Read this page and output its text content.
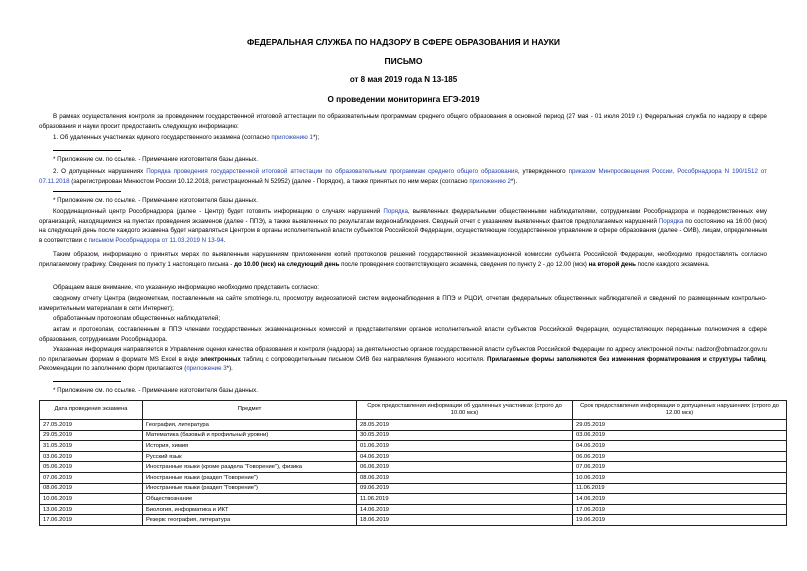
ФЕДЕРАЛЬНАЯ СЛУЖБА ПО НАДЗОРУ В СФЕРЕ ОБРАЗОВАНИЯ И НАУКИ
ПИСЬМО
от 8 мая 2019 года N 13-185
О проведении мониторинга ЕГЭ-2019
В рамках осуществления контроля за проведением государственной итоговой аттестации по образовательным программам среднего общего образования в основной период (27 мая - 01 июля 2019 г.) Федеральная служба по надзору в сфере образования и науки просит предоставить следующую информацию:
1. Об удаленных участниках единого государственного экзамена (согласно приложению 1*);
* Приложение см. по ссылке. - Примечание изготовителя базы данных.
2. О допущенных нарушениях Порядка проведения государственной итоговой аттестации по образовательным программам среднего общего образования, утвержденного приказом Минпросвещения России, Рособрнадзора N 190/1512 от 07.11.2018 (зарегистрирован Минюстом России 10.12.2018, регистрационный N 52952) (далее - Порядок), а также принятых по ним мерах (согласно приложению 2*).
* Приложение см. по ссылке. - Примечание изготовителя базы данных.
Координационный центр Рособрнадзора (далее - Центр) будет готовить информацию о случаях нарушений Порядка, выявленных федеральными общественными наблюдателями, сотрудниками Рособрнадзора и подведомственных ему организаций, находящимися на пунктах проведения экзаменов (далее - ППЭ), а также выявленных по результатам видеонаблюдения. Сводный отчет с указанием выявленных фактов предполагаемых нарушений Порядка по состоянию на 16:00 (мск) на следующий день после каждого экзамена будет направляться Центром в органы исполнительной власти субъектов Российской Федерации, осуществляющие государственное управление в сфере образования (далее - ОИВ), лицам, определенным в соответствии с письмом Рособрнадзора от 11.03.2019 N 13-94.
Таким образом, информацию о принятых мерах по выявленным нарушениям приложением копий протоколов решений государственной экзаменационной комиссии субъекта Российской Федерации, необходимо предоставлять согласно прилагаемому графику. Сведения по пункту 1 настоящего письма - до 10.00 (мск) на следующий день после проведения соответствующего экзамена, сведения по пункту 2 - до 12.00 (мск) на второй день после каждого экзамена.
Обращаем ваше внимание, что указанную информацию необходимо представить согласно:
сводному отчету Центра (видеометкам, поставленным на сайте smotriege.ru, просмотру видеозаписей систем видеонаблюдения в ППЭ и РЦОИ, отчетам федеральных общественных наблюдателей и сведений по размещенным контрольно-измерительным материалам в сети Интернет);
обработанным протоколам общественных наблюдателей;
актам и протоколам, составленным в ППЭ членами государственных экзаменационных комиссий и представителями органов исполнительной власти субъектов Российской Федерации, осуществляющих переданные полномочия в сфере образования, сотрудниками Рособрнадзора.
Указанная информация направляется в Управление оценки качества образования и контроля (надзора) за деятельностью органов государственной власти субъектов Российской Федерации по адресу электронной почты: nadzor@obrnadzor.gov.ru по прилагаемым формам в формате MS Excel в виде электронных таблиц с сопроводительным письмом ОИВ без направления бумажного носителя. Прилагаемые формы заполняются без изменения форматирования и структуры таблиц. Рекомендации по заполнению форм прилагаются (приложение 3*).
* Приложение см. по ссылке. - Примечание изготовителя базы данных.
Дата проведения экзамена	Предмет	Срок предоставления информации об удаленных участниках (строго до 10.00 мск)	Срок предоставления информации о допущенных нарушениях (строго до 12.00 мск)
27.05.2019	География, литература	28.05.2019	29.05.2019
29.05.2019	Математика (базовый и профильный уровни)	30.05.2019	03.06.2019
31.05.2019	История, химия	01.06.2019	04.06.2019
03.06.2019	Русский язык	04.06.2019	06.06.2019
05.06.2019	Иностранные языки (кроме раздела "Говорение"), физика	06.06.2019	07.06.2019
07.06.2019	Иностранные языки (раздел "Говорение")	08.06.2019	10.06.2019
08.06.2019	Иностранные языки (раздел "Говорение")	09.06.2019	11.06.2019
10.06.2019	Обществознание	11.06.2019	14.06.2019
13.06.2019	Биология, информатика и ИКТ	14.06.2019	17.06.2019
17.06.2019	Резерв: география, литература	18.06.2019	19.06.2019
